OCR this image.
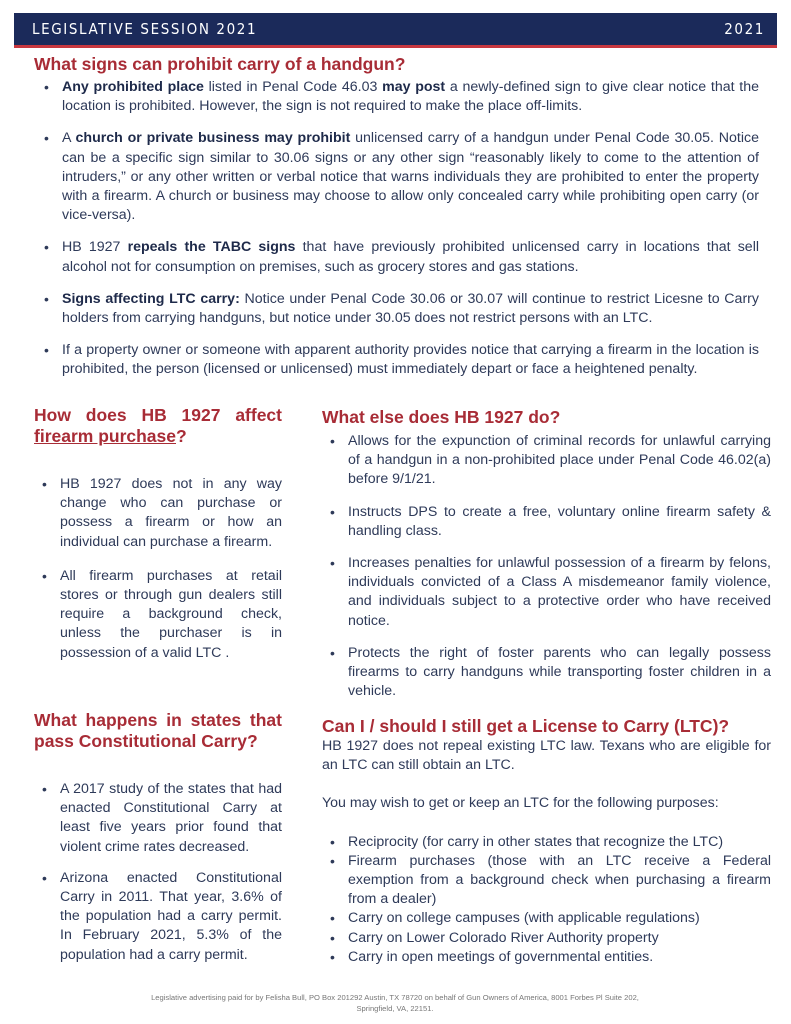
LEGISLATIVE SESSION 2021	2021
What signs can prohibit carry of a handgun?
• Any prohibited place listed in Penal Code 46.03 may post a newly-defined sign to give clear notice that the location is prohibited. However, the sign is not required to make the place off-limits.
• A church or private business may prohibit unlicensed carry of a handgun under Penal Code 30.05. Notice can be a specific sign similar to 30.06 signs or any other sign “reasonably likely to come to the attention of intruders,” or any other written or verbal notice that warns individuals they are prohibited to enter the property with a firearm. A church or business may choose to allow only concealed carry while prohibiting open carry (or vice-versa).
• HB 1927 repeals the TABC signs that have previously prohibited unlicensed carry in locations that sell alcohol not for consumption on premises, such as grocery stores and gas stations.
• Signs affecting LTC carry: Notice under Penal Code 30.06 or 30.07 will continue to restrict Licesne to Carry holders from carrying handguns, but notice under 30.05 does not restrict persons with an LTC.
• If a property owner or someone with apparent authority provides notice that carrying a firearm in the location is prohibited, the person (licensed or unlicensed) must immediately depart or face a heightened penalty.
How does HB 1927 affect firearm purchase?
• HB 1927 does not in any way change who can purchase or possess a firearm or how an individual can purchase a firearm.
• All firearm purchases at retail stores or through gun dealers still require a background check, unless the purchaser is in possession of a valid LTC .
What happens in states that pass Constitutional Carry?
• A 2017 study of the states that had enacted Constitutional Carry at least five years prior found that violent crime rates decreased.
• Arizona enacted Constitutional Carry in 2011. That year, 3.6% of the population had a carry permit. In February 2021, 5.3% of the population had a carry permit.
What else does HB 1927 do?
• Allows for the expunction of criminal records for unlawful carrying of a handgun in a non-prohibited place under Penal Code 46.02(a) before 9/1/21.
• Instructs DPS to create a free, voluntary online firearm safety & handling class.
• Increases penalties for unlawful possession of a firearm by felons, individuals convicted of a Class A misdemeanor family violence, and individuals subject to a protective order who have received notice.
• Protects the right of foster parents who can legally possess firearms to carry handguns while transporting foster children in a vehicle.
Can I / should I still get a License to Carry (LTC)?

HB 1927 does not repeal existing LTC law. Texans who are eligible for an LTC can still obtain an LTC.

You may wish to get or keep an LTC for the following purposes:

• Reciprocity (for carry in other states that recognize the LTC)
• Firearm purchases (those with an LTC receive a Federal exemption from a background check when purchasing a firearm from a dealer)
• Carry on college campuses (with applicable regulations)
• Carry on Lower Colorado River Authority property
• Carry in open meetings of governmental entities.
Legislative advertising paid for by Felisha Bull, PO Box 201292 Austin, TX 78720 on behalf of Gun Owners of America, 8001 Forbes Pl Suite 202, Springfield, VA, 22151.
